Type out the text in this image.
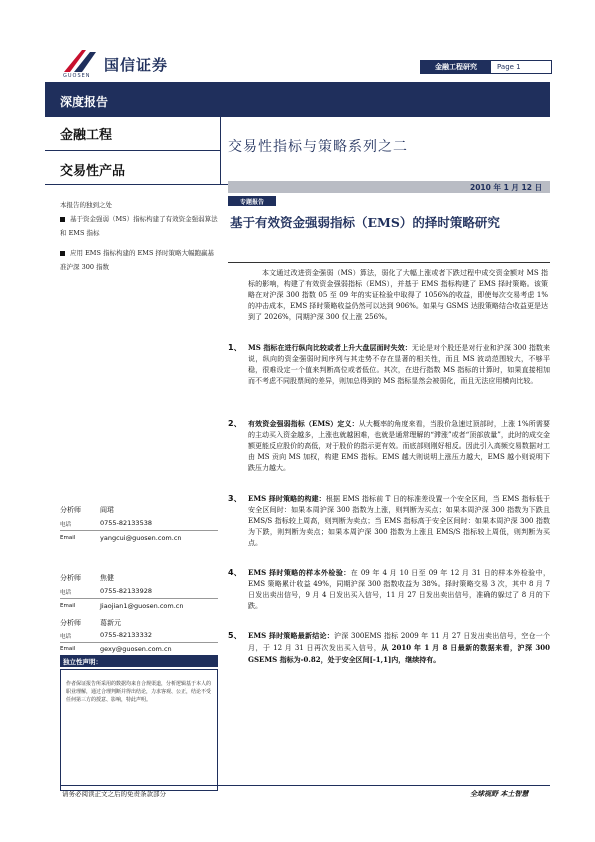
国信证券
GUOSEN
金融工程研究	Page 1
深度报告
金融工程
交易性产品
交易性指标与策略系列之二
2010 年 1 月 12 日
本报告的独到之处
基于资金强弱（MS）指标构建了有效资金强弱算法和 EMS 指标
应用 EMS 指标构建的 EMS 择时策略大幅跑赢基准沪深 300 指数
分析师	阎珺
电话	0755-82133538
Email	yangcui@guosen.com.cn
分析师	焦健
电话	0755-82133928
Email	Jiaojian1@guosen.com.cn
分析师	葛新元
电话	0755-82133332
Email	gexy@guosen.com.cn
独立性声明：
作者保证报告所采用的数据均来自合规渠道，分析逻辑基于本人的职业理解，通过合理判断并得出结论，力求客观、公正，结论不受任何第三方的授意、影响，特此声明。
专题报告
基于有效资金强弱指标（EMS）的择时策略研究
本文通过改进资金强弱（MS）算法，弱化了大幅上涨或者下跌过程中成交资金额对 MS 指标的影响，构建了有效资金强弱指标（EMS），并基于 EMS 指标构建了 EMS 择时策略。该策略在对沪深 300 指数 05 至 09 年的实证检验中取得了 1056%的收益，即使每次交易考虑 1%的冲击成本，EMS 择时策略收益仍然可以达到 906%。如果与 GSMS 达股策略结合收益更是达到了 2026%，同期沪深 300 仅上涨 256%。
1、 MS 指标在进行纵向比较或者上升大盘层面时失效：无论是对个股还是对行业和沪深 300 指数来说，纵向的资金强弱时间序列与其走势不存在显著的相关性，而且 MS 波动范围较大，不够平稳，很难设定一个值来判断高位或者低位。其次，在进行指数 MS 指标的计算时，如果直接相加而不考虑不同股票间的差异，则加总得到的 MS 指标显然会被弱化，而且无法应用横向比较。
2、 有效资金强弱指标（EMS）定义：从大概率的角度来看，当股价急速过顶部时，上涨 1%所需要的主动买入资金越多，上涨也就越困难，也就是通常理解的“滞涨”或者“顶部放量”，此时的成交金额更能反应股价的高低，对于股价的指示更有效。而底部则刚好相反。因此引入高频交易数据对工由 MS 贡向 MS 加权，构建 EMS 指标。EMS 越大则说明上涨压力越大，EMS 越小则说明下跌压力越大。
3、 EMS 择时策略的构建：根据 EMS 指标前 T 日的标准差设置一个安全区间，当 EMS 指标低于安全区间时：如果本周沪深 300 指数为上涨，则判断为买点；如果本周沪深 300 指数为下跌且 EMS/S 指标较上周高，则判断为卖点；当 EMS 指标高于安全区间时：如果本周沪深 300 指数为下跌，则判断为卖点；如果本周沪深 300 指数为上涨且 EMS/S 指标较上周低，则判断为买点。
4、 EMS 择时策略的样本外检验：在 09 年 4 月 10 日至 09 年 12 月 31 日的样本外检验中，EMS 策略累计收益 49%，同期沪深 300 指数收益为 38%。择时策略交易 3 次，其中 8 月 7 日发出卖出信号，9 月 4 日发出买入信号，11 月 27 日发出卖出信号，准确的躲过了 8 月的下跌。
5、 EMS 择时策略最新结论：沪深 300EMS 指标 2009 年 11 月 27 日发出卖出信号，空仓一个月，于 12 月 31 日再次发出买入信号，从 2010 年 1 月 8 日最新的数据来看，沪深 300 GSEMS 指标为-0.82，处于安全区间[-1,1]内，继续持有。
请务必阅读正文之后的免责条款部分	全球视野 本土智慧
